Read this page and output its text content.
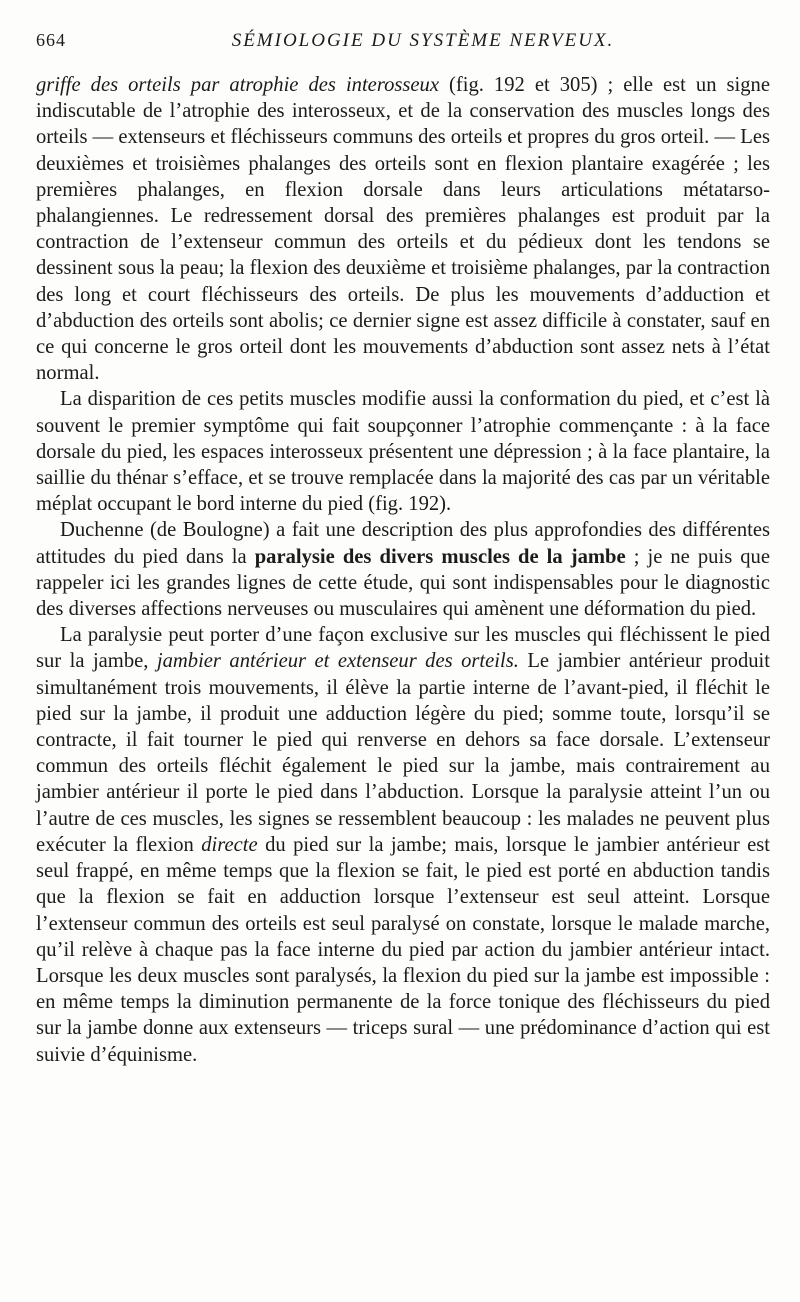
664	SÉMIOLOGIE DU SYSTÈME NERVEUX.

griffe des orteils par atrophie des interosseux (fig. 192 et 305) ; elle est un signe indiscutable de l’atrophie des interosseux, et de la conservation des muscles longs des orteils — extenseurs et fléchisseurs communs des orteils et propres du gros orteil. — Les deuxièmes et troisièmes phalanges des orteils sont en flexion plantaire exagérée ; les premières phalanges, en flexion dorsale dans leurs articulations métatarso-phalangiennes. Le redressement dorsal des premières phalanges est produit par la contraction de l’extenseur commun des orteils et du pédieux dont les tendons se dessinent sous la peau; la flexion des deuxième et troisième phalanges, par la contraction des long et court fléchisseurs des orteils. De plus les mouvements d’adduction et d’abduction des orteils sont abolis; ce dernier signe est assez difficile à constater, sauf en ce qui concerne le gros orteil dont les mouvements d’abduction sont assez nets à l’état normal.

La disparition de ces petits muscles modifie aussi la conformation du pied, et c’est là souvent le premier symptôme qui fait soupçonner l’atrophie commençante : à la face dorsale du pied, les espaces interosseux présentent une dépression ; à la face plantaire, la saillie du thénar s’efface, et se trouve remplacée dans la majorité des cas par un véritable méplat occupant le bord interne du pied (fig. 192).

Duchenne (de Boulogne) a fait une description des plus approfondies des différentes attitudes du pied dans la paralysie des divers muscles de la jambe ; je ne puis que rappeler ici les grandes lignes de cette étude, qui sont indispensables pour le diagnostic des diverses affections nerveuses ou musculaires qui amènent une déformation du pied.

La paralysie peut porter d’une façon exclusive sur les muscles qui fléchissent le pied sur la jambe, jambier antérieur et extenseur des orteils. Le jambier antérieur produit simultanément trois mouvements, il élève la partie interne de l’avant-pied, il fléchit le pied sur la jambe, il produit une adduction légère du pied; somme toute, lorsqu’il se contracte, il fait tourner le pied qui renverse en dehors sa face dorsale. L’extenseur commun des orteils fléchit également le pied sur la jambe, mais contrairement au jambier antérieur il porte le pied dans l’abduction. Lorsque la paralysie atteint l’un ou l’autre de ces muscles, les signes se ressemblent beaucoup : les malades ne peuvent plus exécuter la flexion directe du pied sur la jambe; mais, lorsque le jambier antérieur est seul frappé, en même temps que la flexion se fait, le pied est porté en abduction tandis que la flexion se fait en adduction lorsque l’extenseur est seul atteint. Lorsque l’extenseur commun des orteils est seul paralysé on constate, lorsque le malade marche, qu’il relève à chaque pas la face interne du pied par action du jambier antérieur intact. Lorsque les deux muscles sont paralysés, la flexion du pied sur la jambe est impossible : en même temps la diminution permanente de la force tonique des fléchisseurs du pied sur la jambe donne aux extenseurs — triceps sural — une prédominance d’action qui est suivie d’équinisme.
